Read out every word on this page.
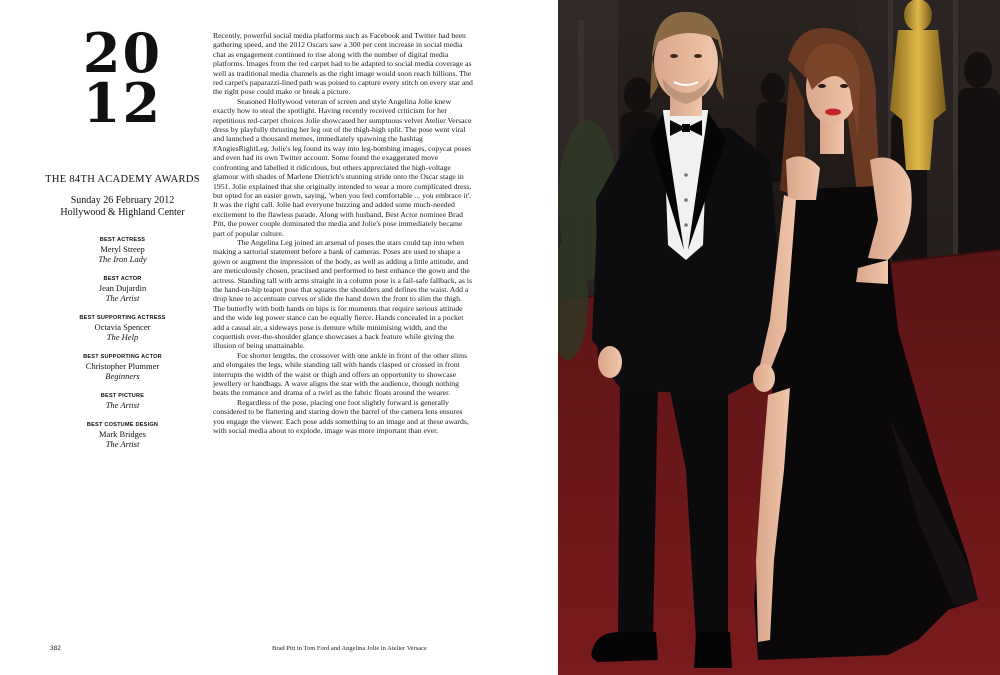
20
12
THE 84TH ACADEMY AWARDS
Sunday 26 February 2012
Hollywood & Highland Center
BEST ACTRESS
Meryl Streep
The Iron Lady
BEST ACTOR
Jean Dujardin
The Artist
BEST SUPPORTING ACTRESS
Octavia Spencer
The Help
BEST SUPPORTING ACTOR
Christopher Plummer
Beginners
BEST PICTURE
The Artist
BEST COSTUME DESIGN
Mark Bridges
The Artist

Recently, powerful social media platforms such as Facebook and Twitter had been gathering speed, and the 2012 Oscars saw a 300 per cent increase in social media chat as engagement continued to rise along with the number of digital media platforms. Images from the red carpet had to be adapted to social media coverage as well as traditional media channels as the right image would soon reach billions. The red carpet's paparazzi-lined path was poised to capture every stitch on every star and the right pose could make or break a picture.

Seasoned Hollywood veteran of screen and style Angelina Jolie knew exactly how to steal the spotlight. Having recently received criticism for her repetitious red-carpet choices Jolie showcased her sumptuous velvet Atelier Versace dress by playfully thrusting her leg out of the thigh-high split. The pose went viral and launched a thousand memes, immediately spawning the hashtag #AngiesRightLeg. Jolie's leg found its way into leg-bombing images, copycat poses and even had its own Twitter account. Some found the exaggerated move confronting and labelled it ridiculous, but others appreciated the high-voltage glamour with shades of Marlene Dietrich's stunning stride onto the Oscar stage in 1951. Jolie explained that she originally intended to wear a more complicated dress, but opted for an easier gown, saying, 'when you feel comfortable ... you embrace it'. It was the right call. Jolie had everyone buzzing and added some much-needed excitement to the flawless parade. Along with husband, Best Actor nominee Brad Pitt, the power couple dominated the media and Jolie's pose immediately became part of popular culture.

The Angelina Leg joined an arsenal of poses the stars could tap into when making a sartorial statement before a bank of cameras. Poses are used to shape a gown or augment the impression of the body, as well as adding a little attitude, and are meticulously chosen, practised and performed to best enhance the gown and the actress. Standing tall with arms straight in a column pose is a fail-safe fallback, as is the hand-on-hip teapot pose that squares the shoulders and defines the waist. Add a drop knee to accentuate curves or slide the hand down the front to slim the thigh. The butterfly with both hands on hips is for moments that require serious attitude and the wide leg power stance can be equally fierce. Hands concealed in a pocket add a casual air, a sideways pose is demure while minimising width, and the coquettish over-the-shoulder glance showcases a back feature while giving the illusion of being unattainable.

For shorter lengths, the crossover with one ankle in front of the other slims and elongates the legs, while standing tall with hands clasped or crossed in front interrupts the width of the waist or thigh and offers an opportunity to showcase jewellery or handbags. A wave aligns the star with the audience, though nothing beats the romance and drama of a twirl as the fabric floats around the wearer.

Regardless of the pose, placing one foot slightly forward is generally considered to be flattering and staring down the barrel of the camera lens ensures you engage the viewer. Each pose adds something to an image and at these awards, with social media about to explode, image was more important than ever.

382	Brad Pitt in Tom Ford and Angelina Jolie in Atelier Versace
